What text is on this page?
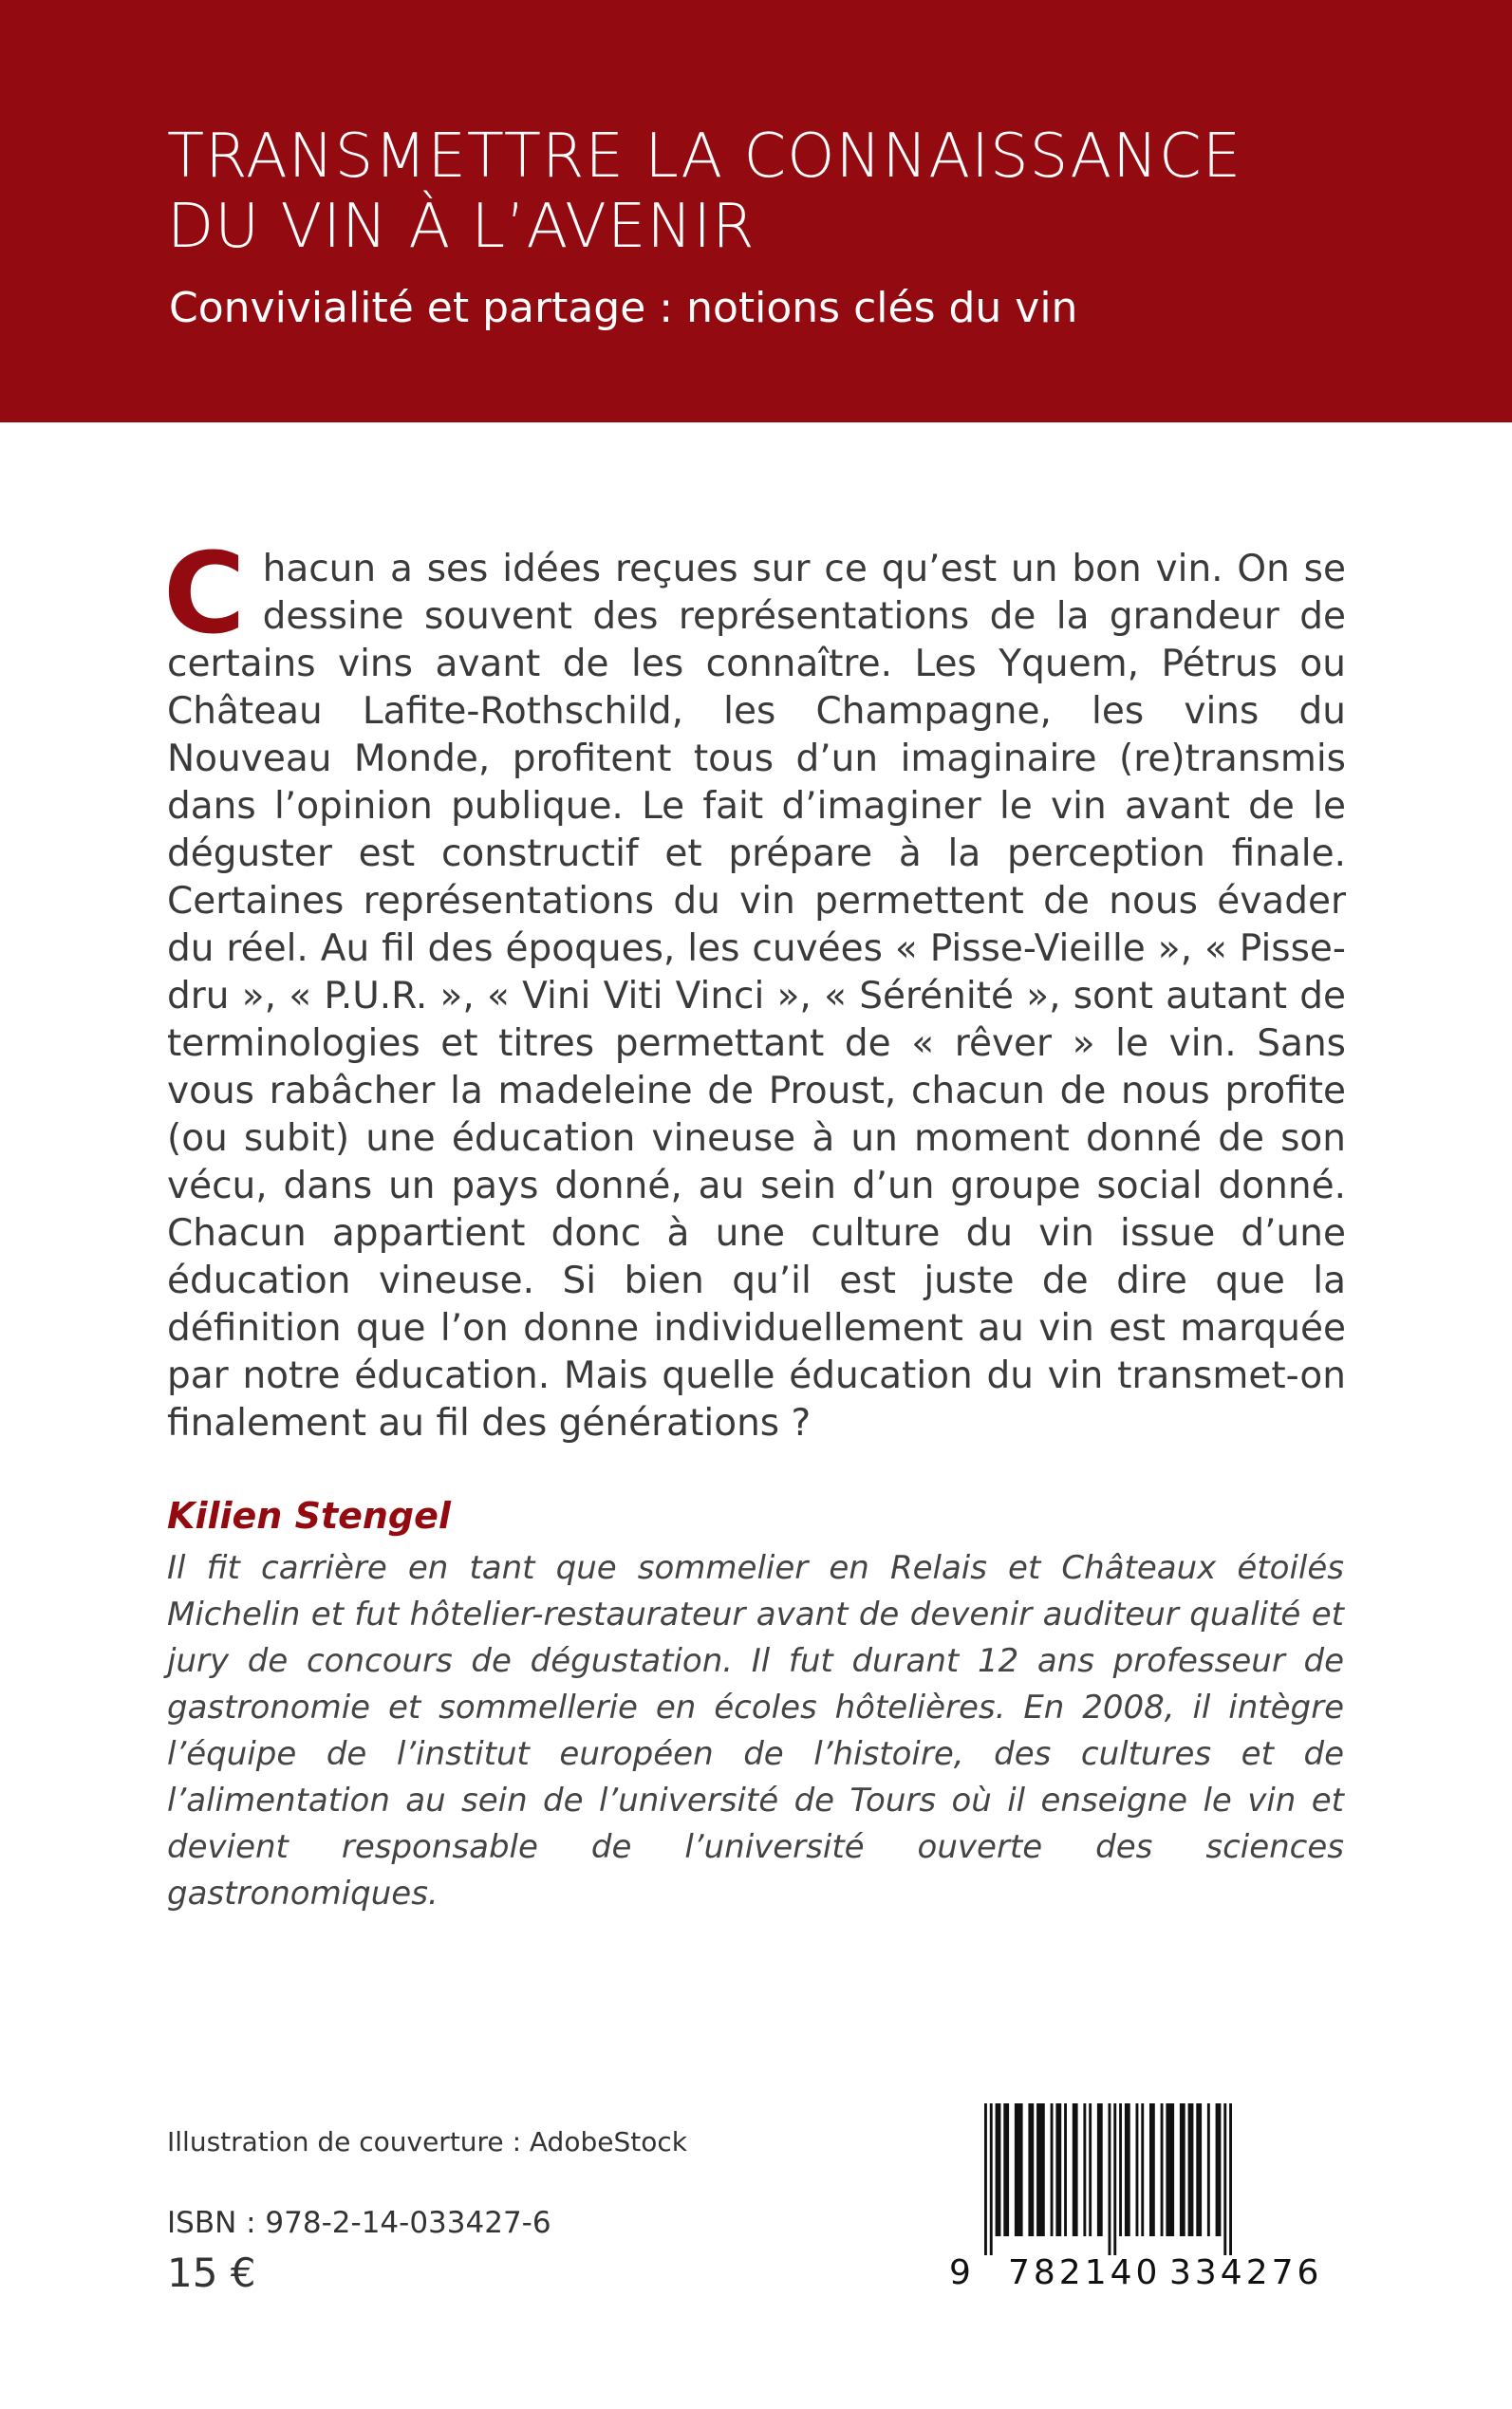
TRANSMETTRE LA CONNAISSANCE
DU VIN À L’AVENIR
Convivialité et partage : notions clés du vin
Chacun a ses idées reçues sur ce qu’est un bon vin. On se dessine souvent des représentations de la grandeur de certains vins avant de les connaître. Les Yquem, Pétrus ou Château Lafite-Rothschild, les Champagne, les vins du Nouveau Monde, profitent tous d’un imaginaire (re)transmis dans l’opinion publique. Le fait d’imaginer le vin avant de le déguster est constructif et prépare à la perception finale. Certaines représentations du vin permettent de nous évader du réel. Au fil des époques, les cuvées « Pisse-Vieille », « Pisse-dru », « P.U.R. », « Vini Viti Vinci », « Sérénité », sont autant de terminologies et titres permettant de « rêver » le vin. Sans vous rabâcher la madeleine de Proust, chacun de nous profite (ou subit) une éducation vineuse à un moment donné de son vécu, dans un pays donné, au sein d’un groupe social donné. Chacun appartient donc à une culture du vin issue d’une éducation vineuse. Si bien qu’il est juste de dire que la définition que l’on donne individuellement au vin est marquée par notre éducation. Mais quelle éducation du vin transmet-on finalement au fil des générations ?
Kilien Stengel
Il fit carrière en tant que sommelier en Relais et Châteaux étoilés Michelin et fut hôtelier-restaurateur avant de devenir auditeur qualité et jury de concours de dégustation. Il fut durant 12 ans professeur de gastronomie et sommellerie en écoles hôtelières. En 2008, il intègre l’équipe de l’institut européen de l’histoire, des cultures et de l’alimentation au sein de l’université de Tours où il enseigne le vin et devient responsable de l’université ouverte des sciences gastronomiques.
Illustration de couverture : AdobeStock
ISBN : 978-2-14-033427-6
15 €	9 782140 334276
